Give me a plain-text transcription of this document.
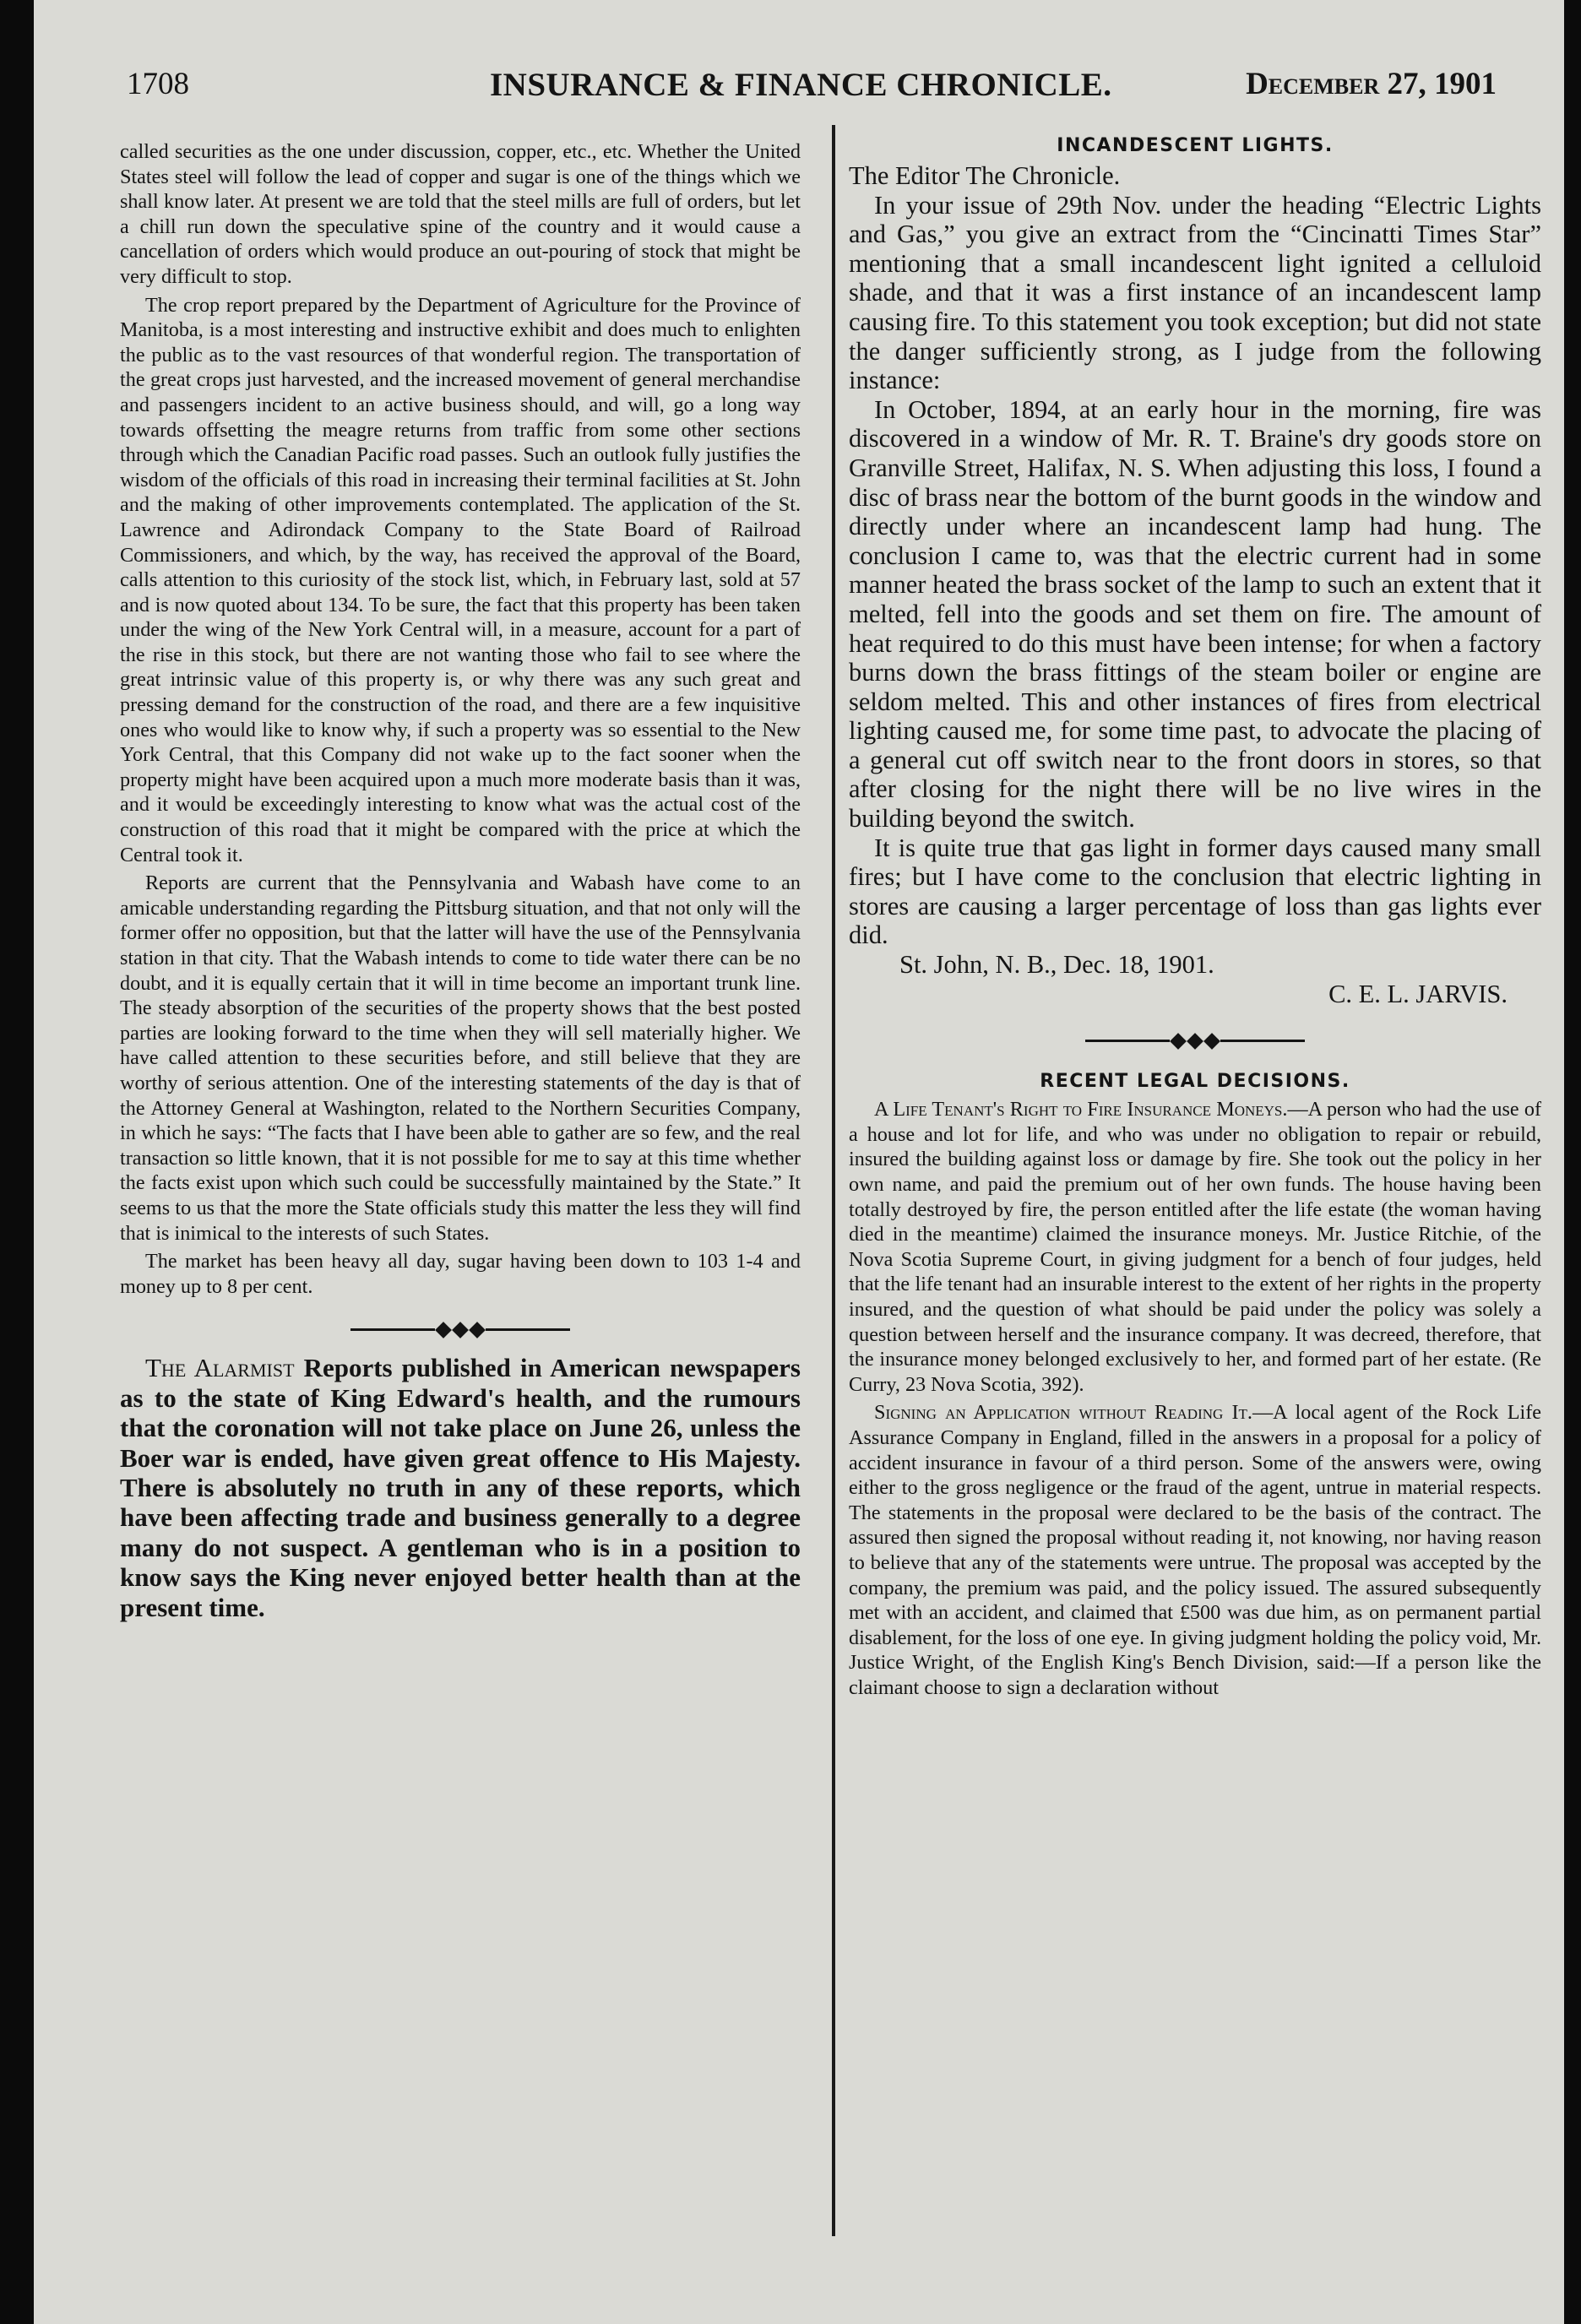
1708	INSURANCE & FINANCE CHRONICLE.	December 27, 1901

called securities as the one under discussion, copper, etc., etc. Whether the United States steel will follow the lead of copper and sugar is one of the things which we shall know later. At present we are told that the steel mills are full of orders, but let a chill run down the speculative spine of the country and it would cause a cancellation of orders which would produce an out-pouring of stock that might be very difficult to stop.

The crop report prepared by the Department of Agriculture for the Province of Manitoba, is a most interesting and instructive exhibit and does much to enlighten the public as to the vast resources of that wonderful region. The transportation of the great crops just harvested, and the increased movement of general merchandise and passengers incident to an active business should, and will, go a long way towards offsetting the meagre returns from traffic from some other sections through which the Canadian Pacific road passes. Such an outlook fully justifies the wisdom of the officials of this road in increasing their terminal facilities at St. John and the making of other improvements contemplated. The application of the St. Lawrence and Adirondack Company to the State Board of Railroad Commissioners, and which, by the way, has received the approval of the Board, calls attention to this curiosity of the stock list, which, in February last, sold at 57 and is now quoted about 134. To be sure, the fact that this property has been taken under the wing of the New York Central will, in a measure, account for a part of the rise in this stock, but there are not wanting those who fail to see where the great intrinsic value of this property is, or why there was any such great and pressing demand for the construction of the road, and there are a few inquisitive ones who would like to know why, if such a property was so essential to the New York Central, that this Company did not wake up to the fact sooner when the property might have been acquired upon a much more moderate basis than it was, and it would be exceedingly interesting to know what was the actual cost of the construction of this road that it might be compared with the price at which the Central took it.

Reports are current that the Pennsylvania and Wabash have come to an amicable understanding regarding the Pittsburg situation, and that not only will the former offer no opposition, but that the latter will have the use of the Pennsylvania station in that city. That the Wabash intends to come to tide water there can be no doubt, and it is equally certain that it will in time become an important trunk line. The steady absorption of the securities of the property shows that the best posted parties are looking forward to the time when they will sell materially higher. We have called attention to these securities before, and still believe that they are worthy of serious attention. One of the interesting statements of the day is that of the Attorney General at Washington, related to the Northern Securities Company, in which he says: “The facts that I have been able to gather are so few, and the real transaction so little known, that it is not possible for me to say at this time whether the facts exist upon which such could be successfully maintained by the State.” It seems to us that the more the State officials study this matter the less they will find that is inimical to the interests of such States.

The market has been heavy all day, sugar having been down to 103 1-4 and money up to 8 per cent.

The Alarmist Reports published in American newspapers as to the state of King Edward's health, and the rumours that the coronation will not take place on June 26, unless the Boer war is ended, have given great offence to His Majesty. There is absolutely no truth in any of these reports, which have been affecting trade and business generally to a degree many do not suspect. A gentleman who is in a position to know says the King never enjoyed better health than at the present time.

INCANDESCENT LIGHTS.

The Editor The Chronicle.

In your issue of 29th Nov. under the heading “Electric Lights and Gas,” you give an extract from the “Cincinatti Times Star” mentioning that a small incandescent light ignited a celluloid shade, and that it was a first instance of an incandescent lamp causing fire. To this statement you took exception; but did not state the danger sufficiently strong, as I judge from the following instance:

In October, 1894, at an early hour in the morning, fire was discovered in a window of Mr. R. T. Braine's dry goods store on Granville Street, Halifax, N. S. When adjusting this loss, I found a disc of brass near the bottom of the burnt goods in the window and directly under where an incandescent lamp had hung. The conclusion I came to, was that the electric current had in some manner heated the brass socket of the lamp to such an extent that it melted, fell into the goods and set them on fire. The amount of heat required to do this must have been intense; for when a factory burns down the brass fittings of the steam boiler or engine are seldom melted. This and other instances of fires from electrical lighting caused me, for some time past, to advocate the placing of a general cut off switch near to the front doors in stores, so that after closing for the night there will be no live wires in the building beyond the switch.

It is quite true that gas light in former days caused many small fires; but I have come to the conclusion that electric lighting in stores are causing a larger percentage of loss than gas lights ever did.

St. John, N. B., Dec. 18, 1901.

C. E. L. JARVIS.

RECENT LEGAL DECISIONS.

A Life Tenant's Right to Fire Insurance Moneys.—A person who had the use of a house and lot for life, and who was under no obligation to repair or rebuild, insured the building against loss or damage by fire. She took out the policy in her own name, and paid the premium out of her own funds. The house having been totally destroyed by fire, the person entitled after the life estate (the woman having died in the meantime) claimed the insurance moneys. Mr. Justice Ritchie, of the Nova Scotia Supreme Court, in giving judgment for a bench of four judges, held that the life tenant had an insurable interest to the extent of her rights in the property insured, and the question of what should be paid under the policy was solely a question between herself and the insurance company. It was decreed, therefore, that the insurance money belonged exclusively to her, and formed part of her estate. (Re Curry, 23 Nova Scotia, 392).

Signing an Application without Reading It.—A local agent of the Rock Life Assurance Company in England, filled in the answers in a proposal for a policy of accident insurance in favour of a third person. Some of the answers were, owing either to the gross negligence or the fraud of the agent, untrue in material respects. The statements in the proposal were declared to be the basis of the contract. The assured then signed the proposal without reading it, not knowing, nor having reason to believe that any of the statements were untrue. The proposal was accepted by the company, the premium was paid, and the policy issued. The assured subsequently met with an accident, and claimed that £500 was due him, as on permanent partial disablement, for the loss of one eye. In giving judgment holding the policy void, Mr. Justice Wright, of the English King's Bench Division, said:—If a person like the claimant choose to sign a declaration without
